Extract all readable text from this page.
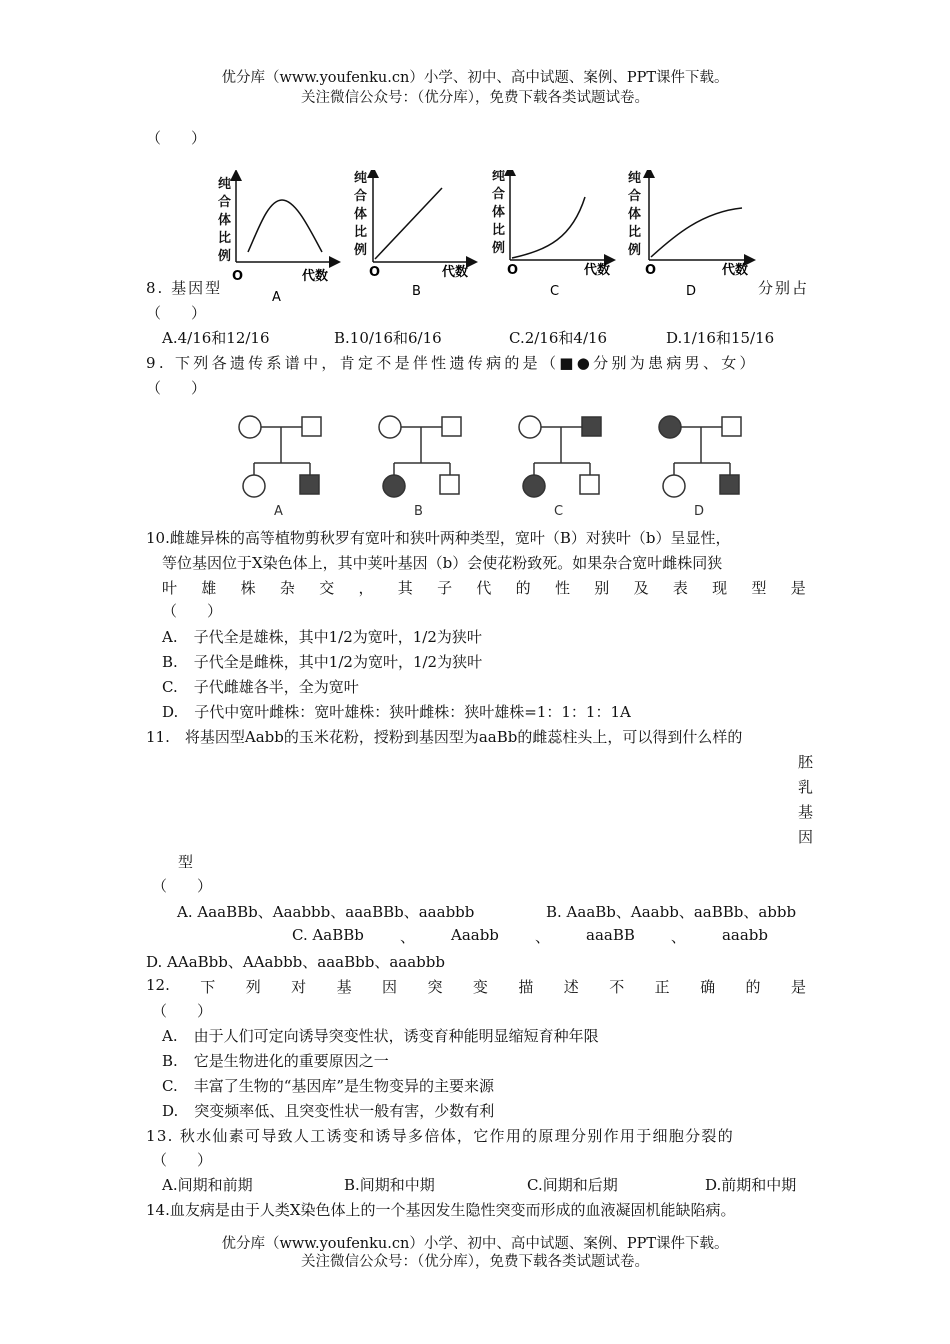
优分库（www.youfenku.cn）小学、初中、高中试题、案例、PPT课件下载。
关注微信公众号：（优分库），免费下载各类试题试卷。
（　　）
纯
合
体
比
例
O	代数
A
纯
合
体
比
例
O	代数
B
纯
合
体
比
例
O	代数
C
纯
合
体
比
例
O	代数
D
8. 基因型	分别占
（　　）
A.4/16和12/16	B.10/16和6/16	C.2/16和4/16	D.1/16和15/16
9. 下列各遗传系谱中，肯定不是伴性遗传病的是（■●分别为患病男、女）
（　　）
A	B	C	D
10.雌雄异株的高等植物剪秋罗有宽叶和狭叶两种类型，宽叶（B）对狭叶（b）呈显性，
等位基因位于X染色体上，其中荚叶基因（b）会使花粉致死。如果杂合宽叶雌株同狭
叶 雄 株 杂 交 ， 其 子 代 的 性 别 及 表 现 型 是
（　　）
A. 子代全是雄株，其中1/2为宽叶，1/2为狭叶
B. 子代全是雌株，其中1/2为宽叶，1/2为狭叶
C. 子代雌雄各半，全为宽叶
D. 子代中宽叶雌株：宽叶雄株：狭叶雌株：狭叶雄株=1：1：1：1A
11.　将基因型Aabb的玉米花粉，授粉到基因型为aaBb的雌蕊柱头上，可以得到什么样的
胚
乳
基
因
型
（　　）
A. AaaBBb、Aaabbb、aaaBBb、aaabbb	B. AaaBb、Aaabb、aaBBb、abbb
C. AaBBb 、 Aaabb 、 aaaBB 、 aaabb
D. AAaBbb、AAabbb、aaaBbb、aaabbb
12. 下 列 对 基 因 突 变 描 述 不 正 确 的 是
（　　）
A. 由于人们可定向诱导突变性状，诱变育种能明显缩短育种年限
B. 它是生物进化的重要原因之一
C. 丰富了生物的“基因库”是生物变异的主要来源
D. 突变频率低、且突变性状一般有害，少数有利
13. 秋水仙素可导致人工诱变和诱导多倍体，它作用的原理分别作用于细胞分裂的
（　　）
A.间期和前期	B.间期和中期	C.间期和后期	D.前期和中期
14.血友病是由于人类X染色体上的一个基因发生隐性突变而形成的血液凝固机能缺陷病。
优分库（www.youfenku.cn）小学、初中、高中试题、案例、PPT课件下载。
关注微信公众号：（优分库），免费下载各类试题试卷。
